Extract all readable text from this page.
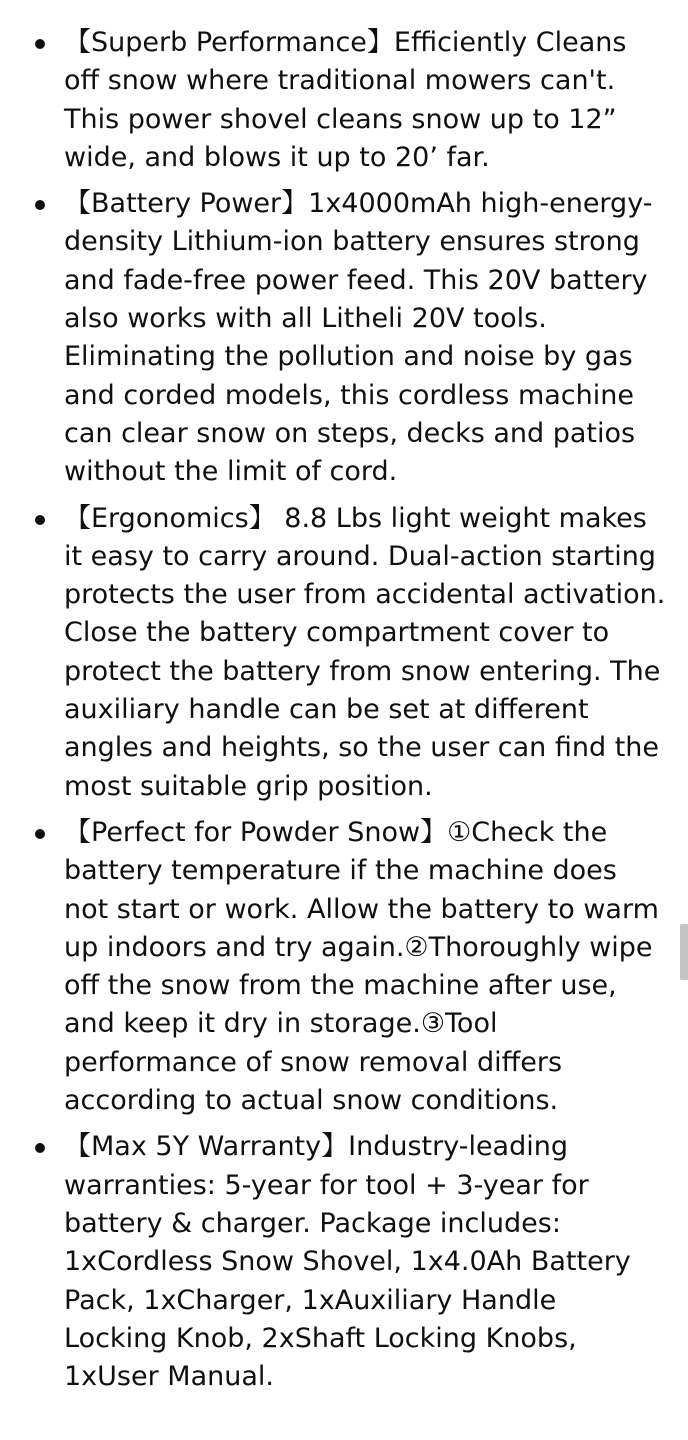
【Superb Performance】Efficiently Cleans off snow where traditional mowers can't. This power shovel cleans snow up to 12” wide, and blows it up to 20’ far.
【Battery Power】1x4000mAh high-energy-density Lithium-ion battery ensures strong and fade-free power feed. This 20V battery also works with all Litheli 20V tools. Eliminating the pollution and noise by gas and corded models, this cordless machine can clear snow on steps, decks and patios without the limit of cord.
【Ergonomics】 8.8 Lbs light weight makes it easy to carry around. Dual-action starting protects the user from accidental activation. Close the battery compartment cover to protect the battery from snow entering. The auxiliary handle can be set at different angles and heights, so the user can find the most suitable grip position.
【Perfect for Powder Snow】①Check the battery temperature if the machine does not start or work. Allow the battery to warm up indoors and try again.②Thoroughly wipe off the snow from the machine after use, and keep it dry in storage.③Tool performance of snow removal differs according to actual snow conditions.
【Max 5Y Warranty】Industry-leading warranties: 5-year for tool + 3-year for battery & charger. Package includes: 1xCordless Snow Shovel, 1x4.0Ah Battery Pack, 1xCharger, 1xAuxiliary Handle Locking Knob, 2xShaft Locking Knobs, 1xUser Manual.
